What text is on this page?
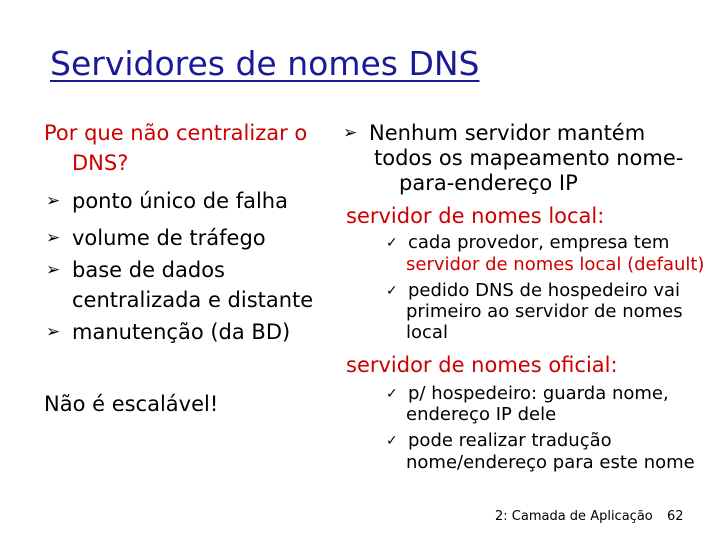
Servidores de nomes DNS
Por que não centralizar o
DNS?
➢ ponto único de falha
➢ volume de tráfego
➢ base de dados
centralizada e distante
➢ manutenção (da BD)
Não é escalável!
➢ Nenhum servidor mantém
todos os mapeamento nome-
para-endereço IP
servidor de nomes local:
✓ cada provedor, empresa tem
servidor de nomes local (default)
✓ pedido DNS de hospedeiro vai
primeiro ao servidor de nomes
local
servidor de nomes oficial:
✓ p/ hospedeiro: guarda nome,
endereço IP dele
✓ pode realizar tradução
nome/endereço para este nome
2: Camada de Aplicação 62
